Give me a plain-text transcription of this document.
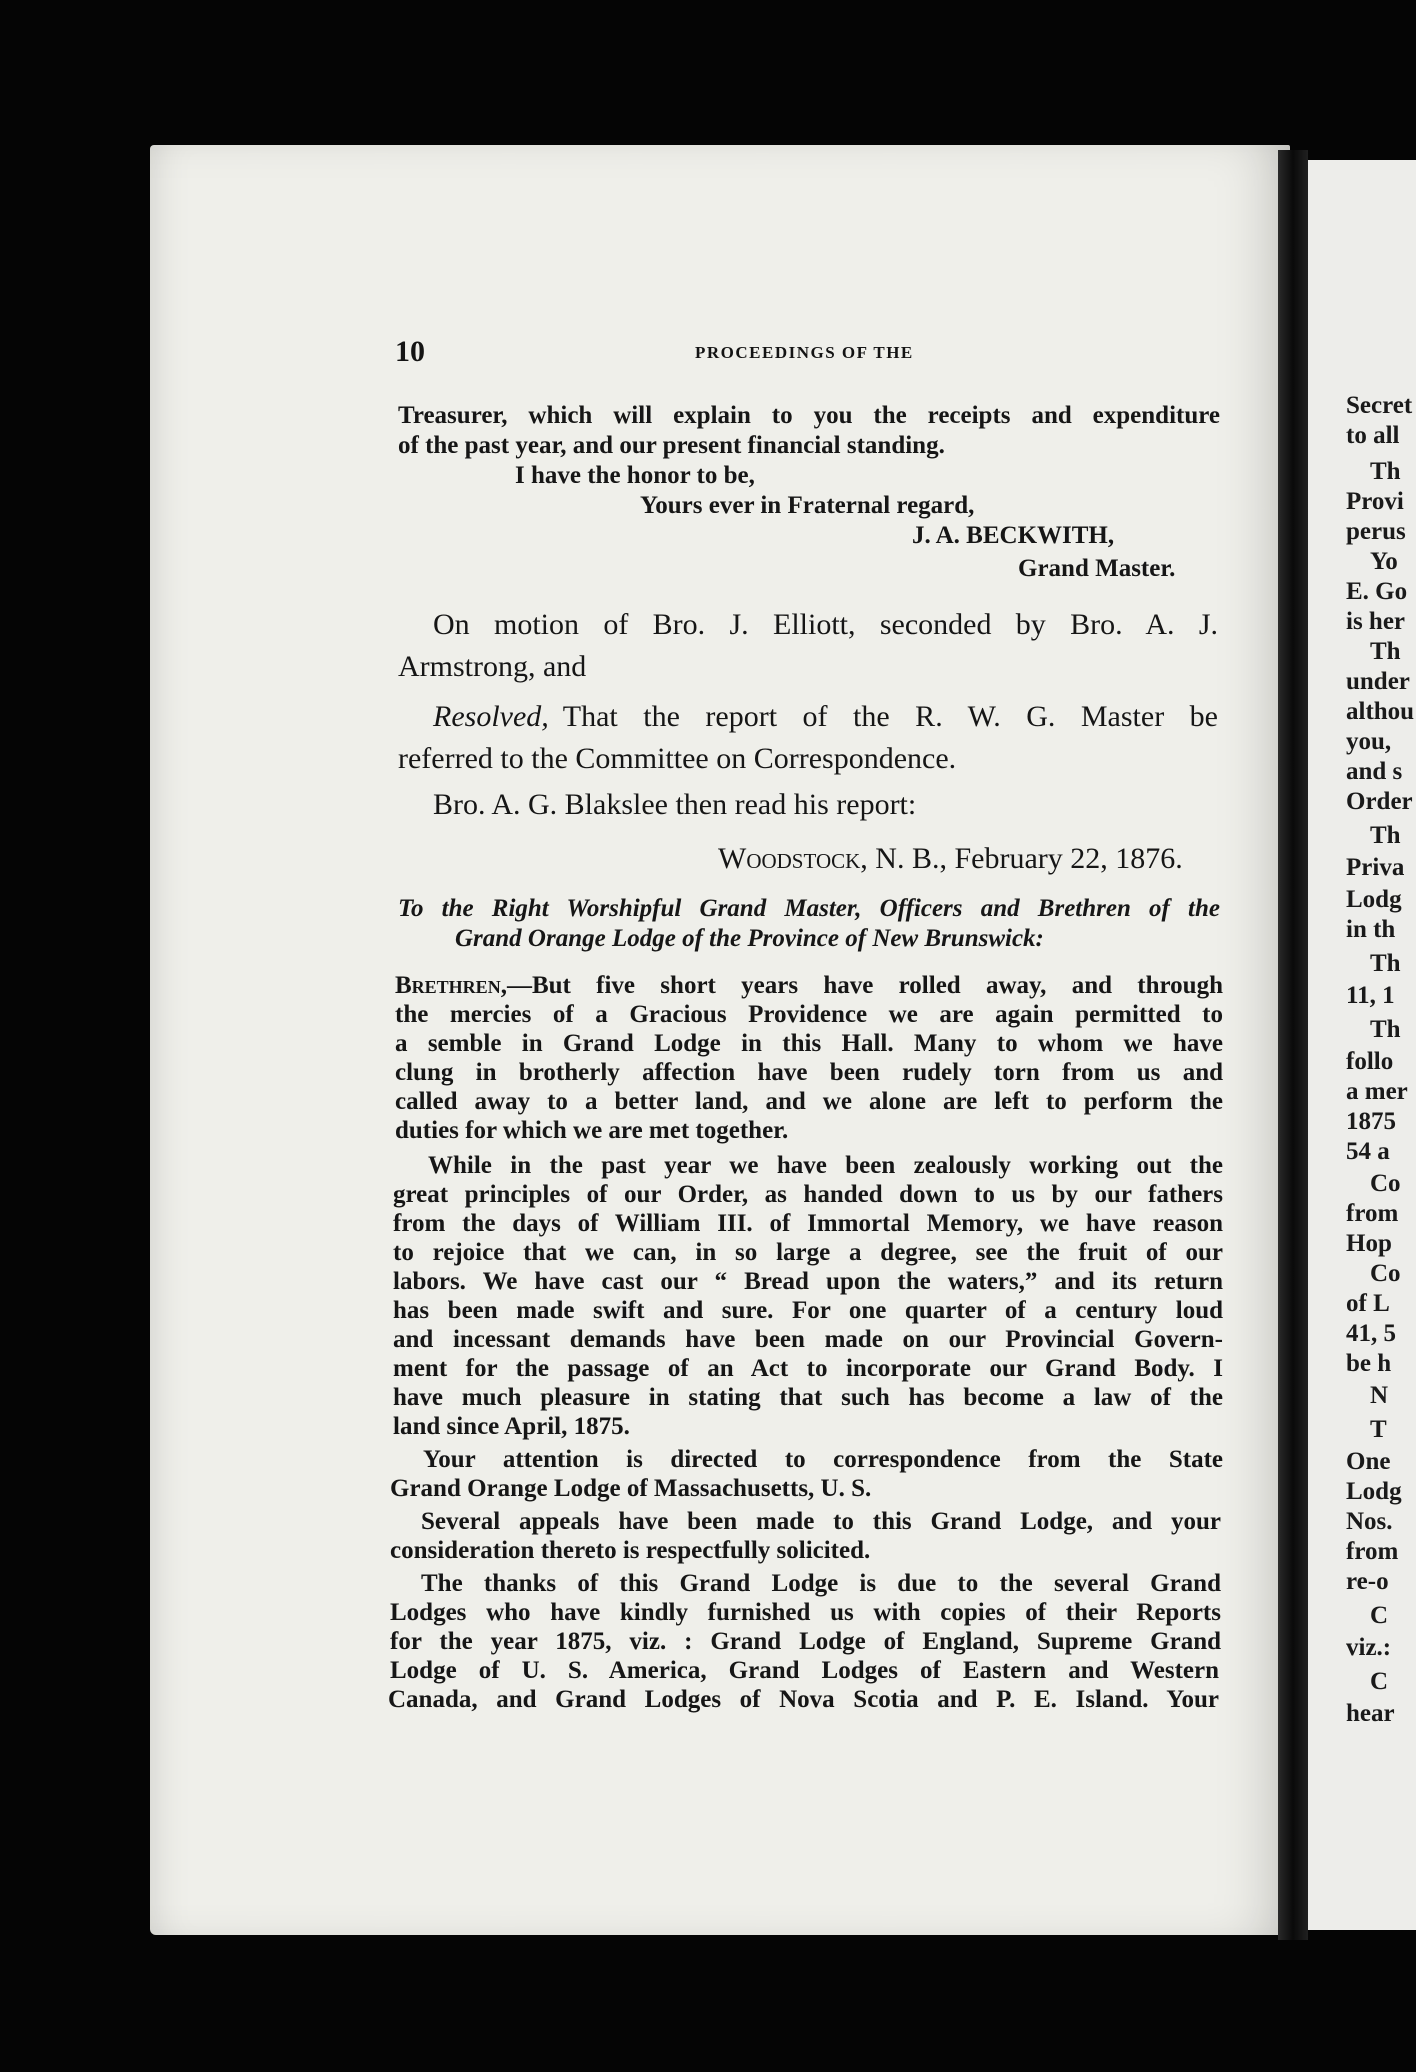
Secret
to all
Th
Provi
perus
Yo
E. Go
is her
Th
under
althou
you,
and s
Order
Th
Priva
Lodg
in th
Th
11, 1
Th
follo
a mer
1875
54 a
Co
from
Hop
Co
of L
41, 5
be h
N
T
One
Lodg
Nos.
from
re-o
C
viz.:
C
hear
10	PROCEEDINGS OF THE
Treasurer, which will explain to you the receipts and expenditure
of the past year, and our present financial standing.
I have the honor to be,
Yours ever in Fraternal regard,
J. A. BECKWITH,
Grand Master.
On motion of Bro. J. Elliott, seconded by Bro. A. J.
Armstrong, and
Resolved, That the report of the R. W. G. Master be
referred to the Committee on Correspondence.
Bro. A. G. Blakslee then read his report:
Woodstock, N. B., February 22, 1876.
To the Right Worshipful Grand Master, Officers and Brethren of the
Grand Orange Lodge of the Province of New Brunswick:
Brethren, —But five short years have rolled away, and through
the mercies of a Gracious Providence we are again permitted to
a semble in Grand Lodge in this Hall. Many to whom we have
clung in brotherly affection have been rudely torn from us and
called away to a better land, and we alone are left to perform the
duties for which we are met together.
While in the past year we have been zealously working out the
great principles of our Order, as handed down to us by our fathers
from the days of William III. of Immortal Memory, we have reason
to rejoice that we can, in so large a degree, see the fruit of our
labors. We have cast our “ Bread upon the waters,” and its return
has been made swift and sure. For one quarter of a century loud
and incessant demands have been made on our Provincial Govern-
ment for the passage of an Act to incorporate our Grand Body. I
have much pleasure in stating that such has become a law of the
land since April, 1875.
Your attention is directed to correspondence from the State
Grand Orange Lodge of Massachusetts, U. S.
Several appeals have been made to this Grand Lodge, and your
consideration thereto is respectfully solicited.
The thanks of this Grand Lodge is due to the several Grand
Lodges who have kindly furnished us with copies of their Reports
for the year 1875, viz. : Grand Lodge of England, Supreme Grand
Lodge of U. S. America, Grand Lodges of Eastern and Western
Canada, and Grand Lodges of Nova Scotia and P. E. Island. Your
